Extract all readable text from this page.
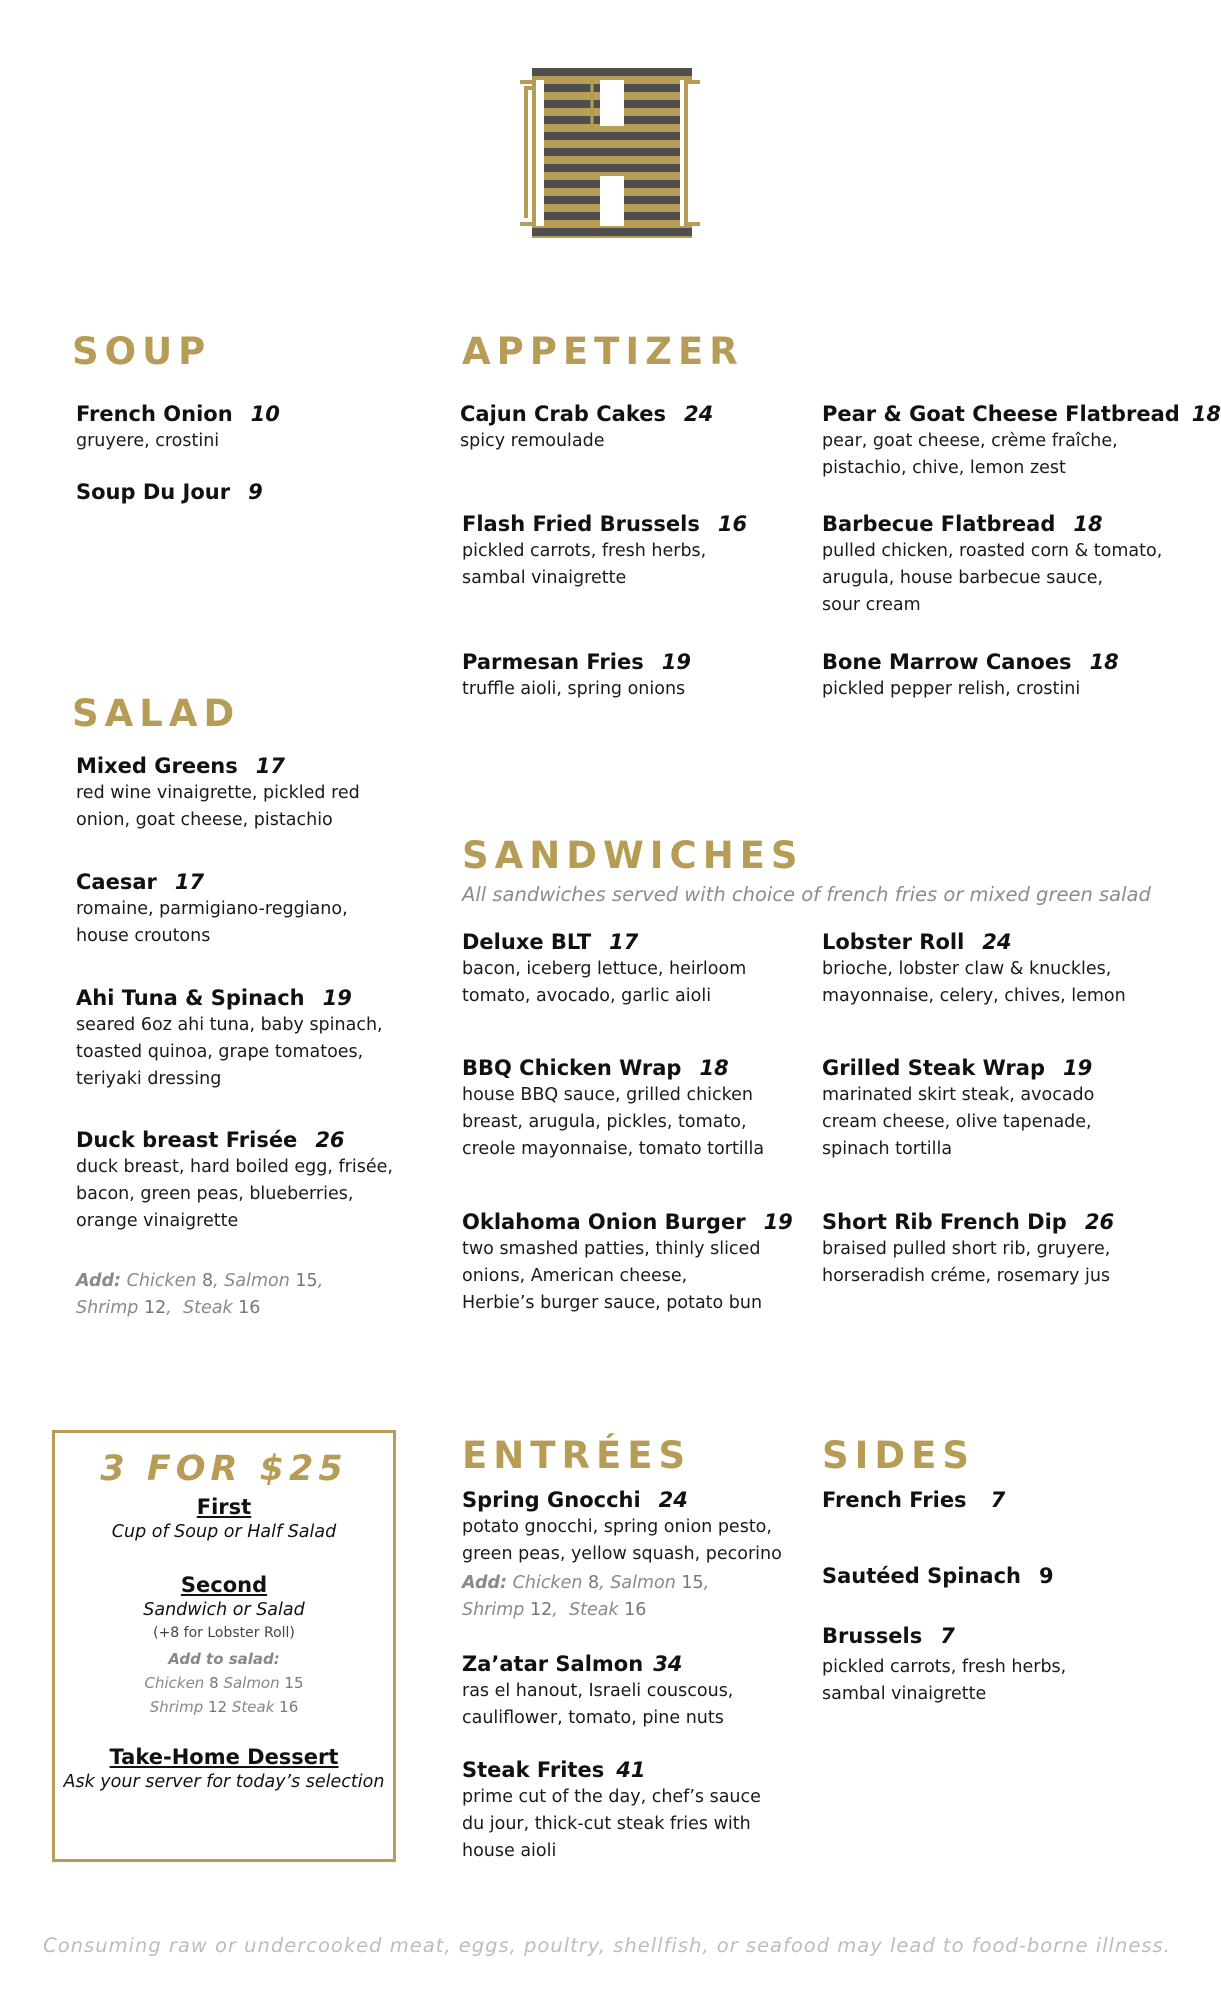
SOUP	APPETIZER
SALAD
SANDWICHES
ENTRÉES	SIDES
French Onion 10
gruyere, crostini
Soup Du Jour 9
Cajun Crab Cakes 24
spicy remoulade
Pear & Goat Cheese Flatbread 18
pear, goat cheese, crème fraîche,
pistachio, chive, lemon zest
Flash Fried Brussels 16
pickled carrots, fresh herbs,
sambal vinaigrette
Barbecue Flatbread 18
pulled chicken, roasted corn & tomato,
arugula, house barbecue sauce,
sour cream
Parmesan Fries 19
truffle aioli, spring onions
Bone Marrow Canoes 18
pickled pepper relish, crostini
Mixed Greens 17
red wine vinaigrette, pickled red
onion, goat cheese, pistachio
Caesar 17
romaine, parmigiano-reggiano,
house croutons
Ahi Tuna & Spinach 19
seared 6oz ahi tuna, baby spinach,
toasted quinoa, grape tomatoes,
teriyaki dressing
Duck breast Frisée 26
duck breast, hard boiled egg, frisée,
bacon, green peas, blueberries,
orange vinaigrette
Add: Chicken 8, Salmon 15,
Shrimp 12,  Steak 16
All sandwiches served with choice of french fries or mixed green salad
Deluxe BLT 17
bacon, iceberg lettuce, heirloom
tomato, avocado, garlic aioli
Lobster Roll 24
brioche, lobster claw & knuckles,
mayonnaise, celery, chives, lemon
BBQ Chicken Wrap 18
house BBQ sauce, grilled chicken
breast, arugula, pickles, tomato,
creole mayonnaise, tomato tortilla
Grilled Steak Wrap 19
marinated skirt steak, avocado
cream cheese, olive tapenade,
spinach tortilla
Oklahoma Onion Burger 19
two smashed patties, thinly sliced
onions, American cheese,
Herbie’s burger sauce, potato bun
Short Rib French Dip 26
braised pulled short rib, gruyere,
horseradish créme, rosemary jus
3 FOR $25
First
Cup of Soup or Half Salad
Second
Sandwich or Salad
(+8 for Lobster Roll)
Add to salad:
Chicken 8 Salmon 15
Shrimp 12 Steak 16
Take-Home Dessert
Ask your server for today’s selection
Spring Gnocchi 24
potato gnocchi, spring onion pesto,
green peas, yellow squash, pecorino
Add: Chicken 8, Salmon 15,
Shrimp 12,  Steak 16
Za’atar Salmon 34
ras el hanout, Israeli couscous,
cauliflower, tomato, pine nuts
Steak Frites 41
prime cut of the day, chef’s sauce
du jour, thick-cut steak fries with
house aioli
French Fries 7
Sautéed Spinach 9
Brussels 7
pickled carrots, fresh herbs,
sambal vinaigrette
Consuming raw or undercooked meat, eggs, poultry, shellfish, or seafood may lead to food-borne illness.
